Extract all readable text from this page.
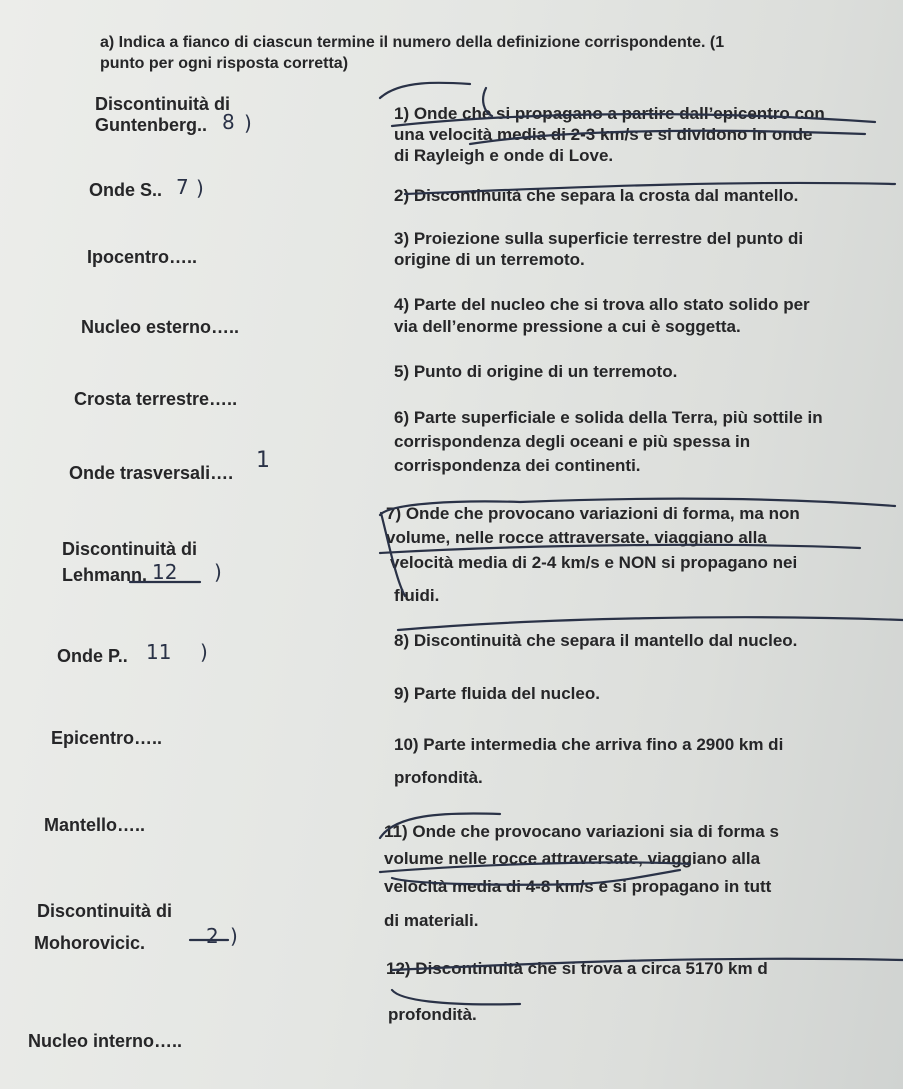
a) Indica a fianco di ciascun termine il numero della definizione corrispondente. (1
punto per ogni risposta corretta)
Discontinuità di
Guntenberg.. 8 )
Onde S.. 7 )
Ipocentro…..
Nucleo esterno…..
Crosta terrestre…..
Onde trasversali…. 1
Discontinuità di
Lehmann. 12 )
Onde P.. 11 )
Epicentro…..
Mantello…..
Discontinuità di
Mohorovicic.	2 )
Nucleo interno…..
1) Onde che si propagano a partire dall’epicentro con
una velocità media di 2-3 km/s e si dividono in onde
di Rayleigh e onde di Love.
2) Discontinuità che separa la crosta dal mantello.
3) Proiezione sulla superficie terrestre del punto di
origine di un terremoto.
4) Parte del nucleo che si trova allo stato solido per
via dell’enorme pressione a cui è soggetta.
5) Punto di origine di un terremoto.
6) Parte superficiale e solida della Terra, più sottile in
corrispondenza degli oceani e più spessa in
corrispondenza dei continenti.
7) Onde che provocano variazioni di forma, ma non
volume, nelle rocce attraversate, viaggiano alla
velocità media di 2-4 km/s e NON si propagano nei
fluidi.
8) Discontinuità che separa il mantello dal nucleo.
9) Parte fluida del nucleo.
10) Parte intermedia che arriva fino a 2900 km di
profondità.
11) Onde che provocano variazioni sia di forma s
volume nelle rocce attraversate, viaggiano alla
velocità media di 4-8 km/s e si propagano in tutt
di materiali.
12) Discontinuità che si trova a circa 5170 km d
profondità.
